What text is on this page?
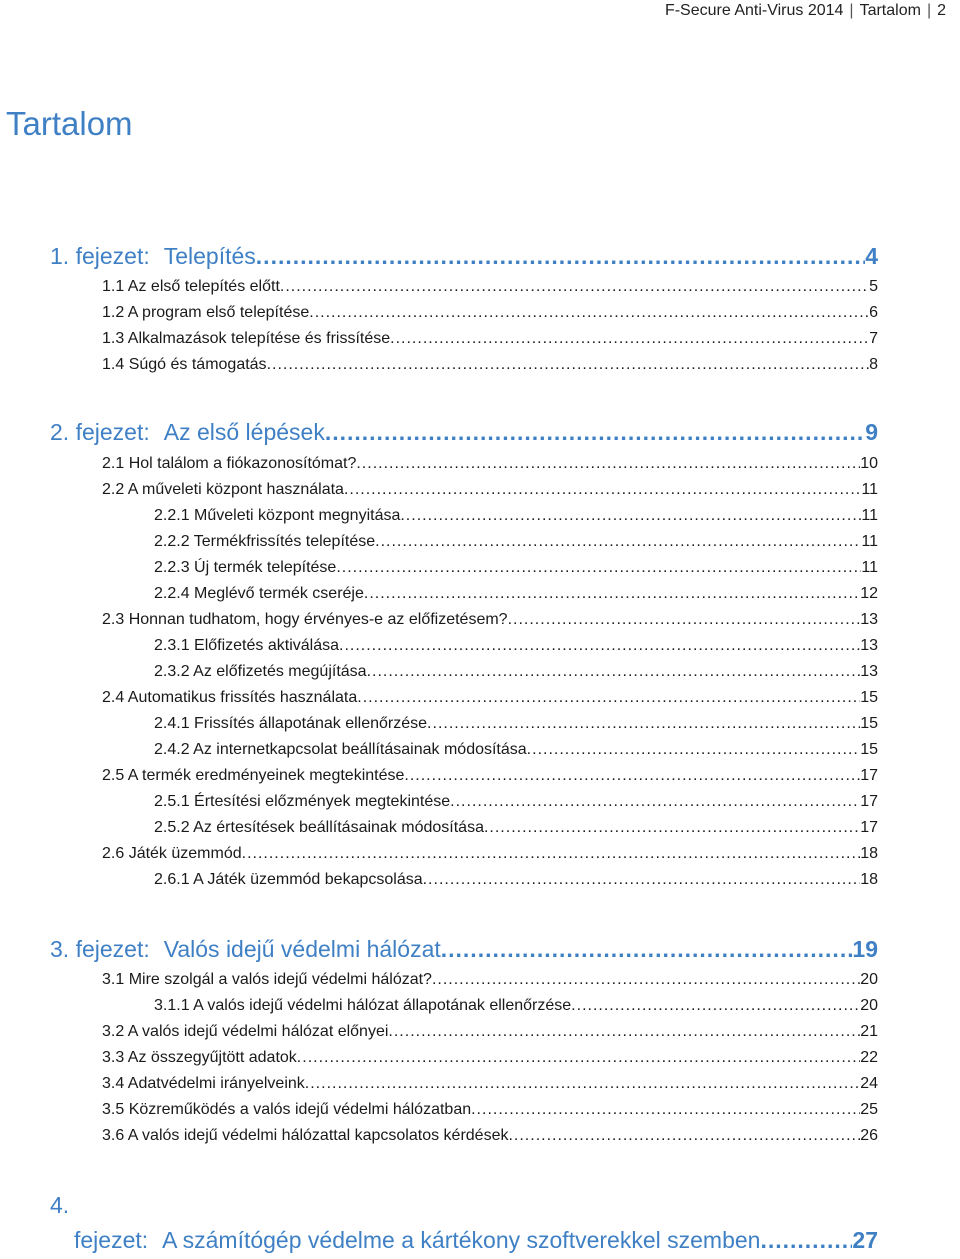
F-Secure Anti-Virus 2014 | Tartalom | 2
Tartalom
1. fejezet: Telepítés .....	4
1.1 Az első telepítés előtt .....	5
1.2 A program első telepítése .....	6
1.3 Alkalmazások telepítése és frissítése .....	7
1.4 Súgó és támogatás .....	8
2. fejezet: Az első lépések .....	9
2.1 Hol találom a fiókazonosítómat? .....	10
2.2 A műveleti központ használata .....	11
2.2.1 Műveleti központ megnyitása .....	11
2.2.2 Termékfrissítés telepítése .....	11
2.2.3 Új termék telepítése .....	11
2.2.4 Meglévő termék cseréje .....	12
2.3 Honnan tudhatom, hogy érvényes-e az előfizetésem? .....	13
2.3.1 Előfizetés aktiválása .....	13
2.3.2 Az előfizetés megújítása .....	13
2.4 Automatikus frissítés használata .....	15
2.4.1 Frissítés állapotának ellenőrzése .....	15
2.4.2 Az internetkapcsolat beállításainak módosítása .....	15
2.5 A termék eredményeinek megtekintése .....	17
2.5.1 Értesítési előzmények megtekintése .....	17
2.5.2 Az értesítések beállításainak módosítása .....	17
2.6 Játék üzemmód .....	18
2.6.1 A Játék üzemmód bekapcsolása .....	18
3. fejezet: Valós idejű védelmi hálózat .....	19
3.1 Mire szolgál a valós idejű védelmi hálózat? .....	20
3.1.1 A valós idejű védelmi hálózat állapotának ellenőrzése .....	20
3.2 A valós idejű védelmi hálózat előnyei .....	21
3.3 Az összegyűjtött adatok .....	22
3.4 Adatvédelmi irányelveink .....	24
3.5 Közreműködés a valós idejű védelmi hálózatban .....	25
3.6 A valós idejű védelmi hálózattal kapcsolatos kérdések .....	26
4.
fejezet: A számítógép védelme a kártékony szoftverekkel szemben .....	27
